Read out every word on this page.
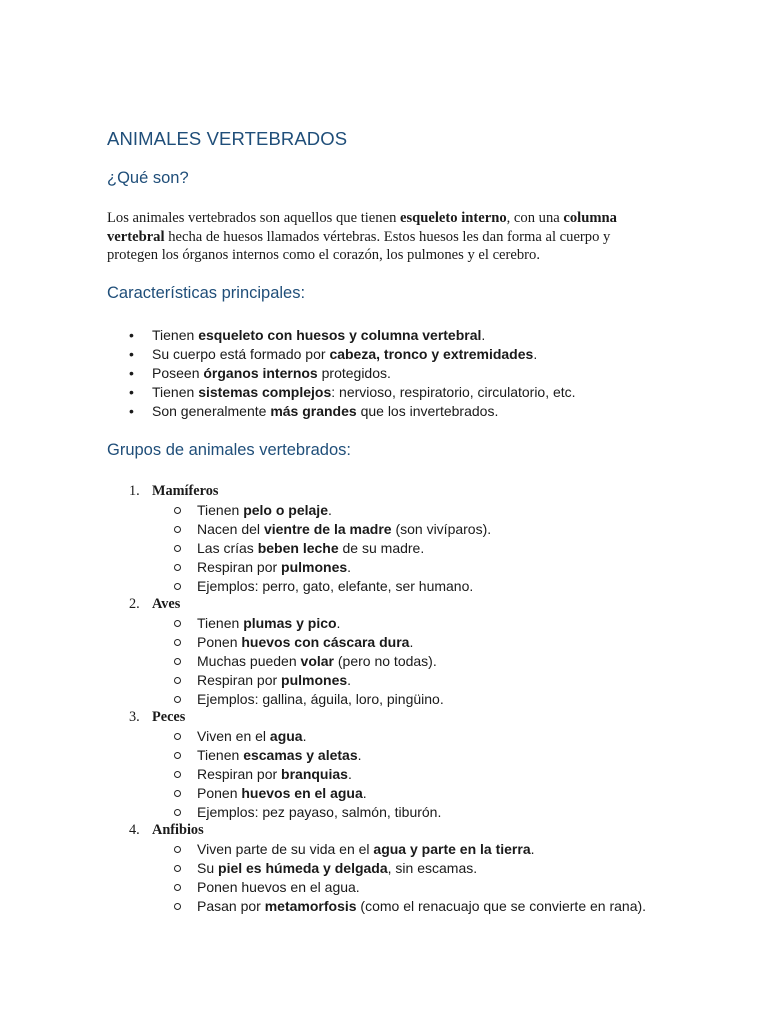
ANIMALES VERTEBRADOS
¿Qué son?
Los animales vertebrados son aquellos que tienen esqueleto interno, con una columna vertebral hecha de huesos llamados vértebras. Estos huesos les dan forma al cuerpo y protegen los órganos internos como el corazón, los pulmones y el cerebro.
Características principales:
• Tienen esqueleto con huesos y columna vertebral.
• Su cuerpo está formado por cabeza, tronco y extremidades.
• Poseen órganos internos protegidos.
• Tienen sistemas complejos: nervioso, respiratorio, circulatorio, etc.
• Son generalmente más grandes que los invertebrados.
Grupos de animales vertebrados:
1. Mamíferos
Tienen pelo o pelaje.
Nacen del vientre de la madre (son vivíparos).
Las crías beben leche de su madre.
Respiran por pulmones.
Ejemplos: perro, gato, elefante, ser humano.
2. Aves
Tienen plumas y pico.
Ponen huevos con cáscara dura.
Muchas pueden volar (pero no todas).
Respiran por pulmones.
Ejemplos: gallina, águila, loro, pingüino.
3. Peces
Viven en el agua.
Tienen escamas y aletas.
Respiran por branquias.
Ponen huevos en el agua.
Ejemplos: pez payaso, salmón, tiburón.
4. Anfibios
Viven parte de su vida en el agua y parte en la tierra.
Su piel es húmeda y delgada, sin escamas.
Ponen huevos en el agua.
Pasan por metamorfosis (como el renacuajo que se convierte en rana).
